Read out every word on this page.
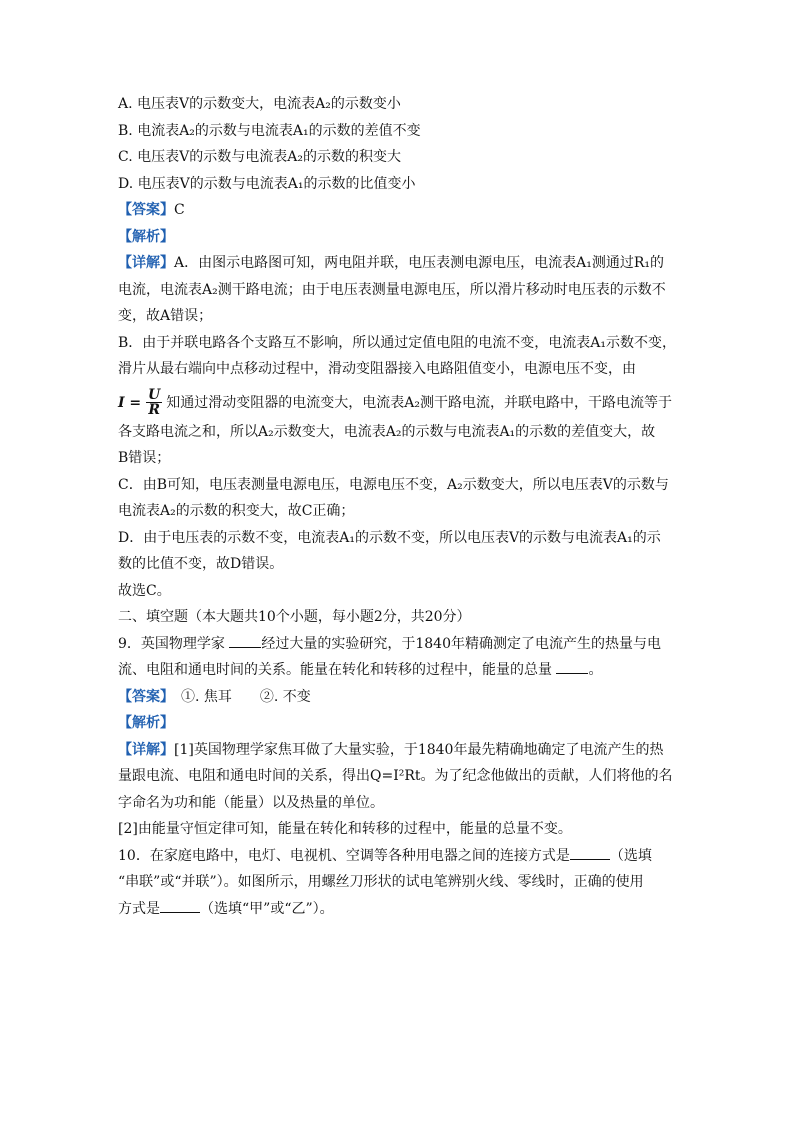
A. 电压表V的示数变大，电流表A₂的示数变小
B. 电流表A₂的示数与电流表A₁的示数的差值不变
C. 电压表V的示数与电流表A₂的示数的积变大
D. 电压表V的示数与电流表A₁的示数的比值变小
【答案】C
【解析】
【详解】A．由图示电路图可知，两电阻并联，电压表测电源电压，电流表A₁测通过R₁的
电流，电流表A₂测干路电流；由于电压表测量电源电压，所以滑片移动时电压表的示数不
变，故A错误；
B．由于并联电路各个支路互不影响，所以通过定值电阻的电流不变，电流表A₁示数不变，
滑片从最右端向中点移动过程中，滑动变阻器接入电路阻值变小，电源电压不变，由
$I = \frac{U}{R}$ 知通过滑动变阻器的电流变大，电流表A₂测干路电流，并联电路中，干路电流等于
各支路电流之和，所以A₂示数变大，电流表A₂的示数与电流表A₁的示数的差值变大，故
B错误；
C．由B可知，电压表测量电源电压，电源电压不变，A₂示数变大，所以电压表V的示数与
电流表A₂的示数的积变大，故C正确；
D．由于电压表的示数不变，电流表A₁的示数不变，所以电压表V的示数与电流表A₁的示
数的比值不变，故D错误。
故选C。
二、填空题（本大题共10个小题，每小题2分，共20分）
9．英国物理学家 经过大量的实验研究，于1840年精确测定了电流产生的热量与电
流、电阻和通电时间的关系。能量在转化和转移的过程中，能量的总量 。
【答案】　①. 焦耳　　②. 不变
【解析】
【详解】[1]英国物理学家焦耳做了大量实验，于1840年最先精确地确定了电流产生的热
量跟电流、电阻和通电时间的关系，得出Q=I²Rt。为了纪念他做出的贡献，人们将他的名
字命名为功和能（能量）以及热量的单位。
[2]由能量守恒定律可知，能量在转化和转移的过程中，能量的总量不变。
10．在家庭电路中，电灯、电视机、空调等各种用电器之间的连接方式是	（选填
“串联”或“并联”）。如图所示，用螺丝刀形状的试电笔辨别火线、零线时，正确的使用
方式是	（选填“甲”或“乙”）。
